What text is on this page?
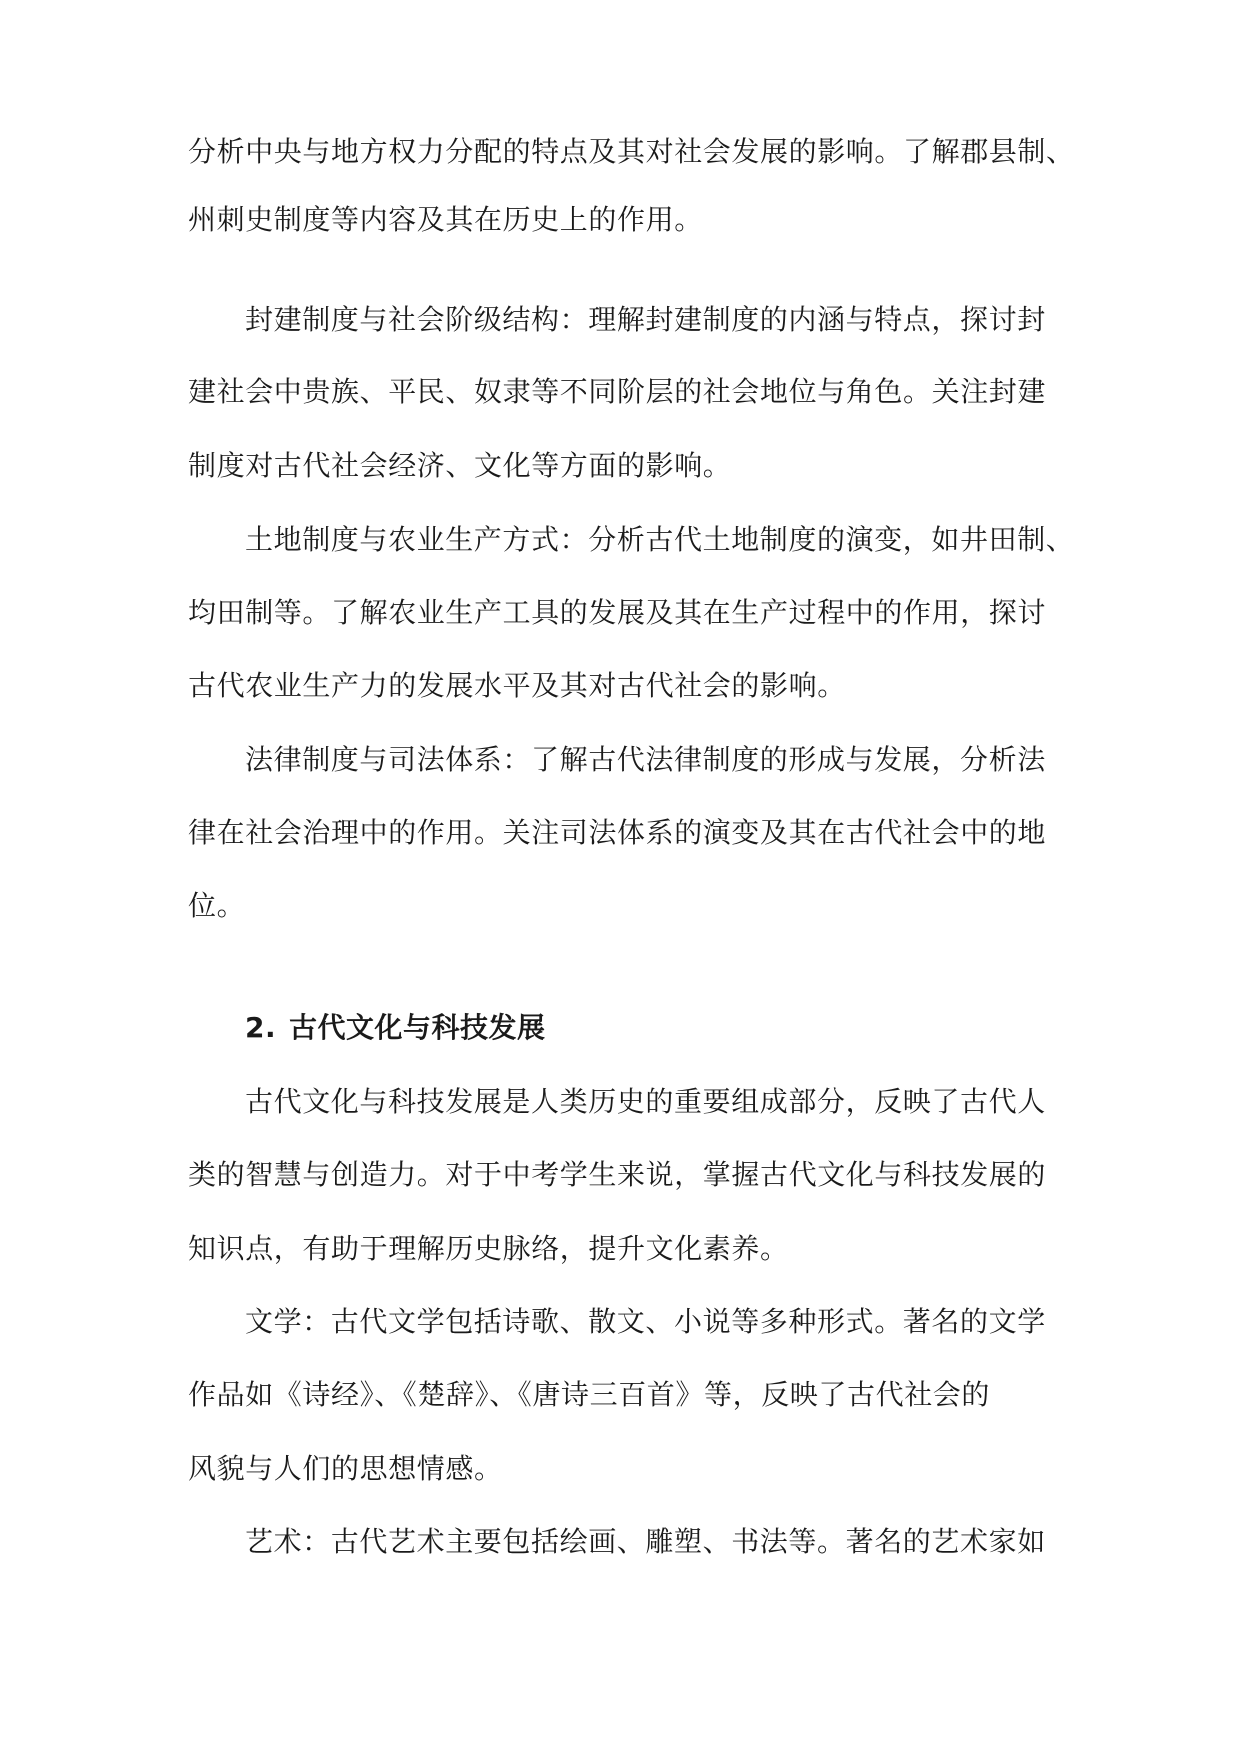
分析中央与地方权力分配的特点及其对社会发展的影响。了解郡县制、

州刺史制度等内容及其在历史上的作用。

封建制度与社会阶级结构：理解封建制度的内涵与特点，探讨封

建社会中贵族、平民、奴隶等不同阶层的社会地位与角色。关注封建

制度对古代社会经济、文化等方面的影响。

土地制度与农业生产方式：分析古代土地制度的演变，如井田制、

均田制等。了解农业生产工具的发展及其在生产过程中的作用，探讨

古代农业生产力的发展水平及其对古代社会的影响。

法律制度与司法体系：了解古代法律制度的形成与发展，分析法

律在社会治理中的作用。关注司法体系的演变及其在古代社会中的地

位。

2. 古代文化与科技发展

古代文化与科技发展是人类历史的重要组成部分，反映了古代人

类的智慧与创造力。对于中考学生来说，掌握古代文化与科技发展的

知识点，有助于理解历史脉络，提升文化素养。

文学：古代文学包括诗歌、散文、小说等多种形式。著名的文学

作品如《诗经》、《楚辞》、《唐诗三百首》等，反映了古代社会的

风貌与人们的思想情感。

艺术：古代艺术主要包括绘画、雕塑、书法等。著名的艺术家如
